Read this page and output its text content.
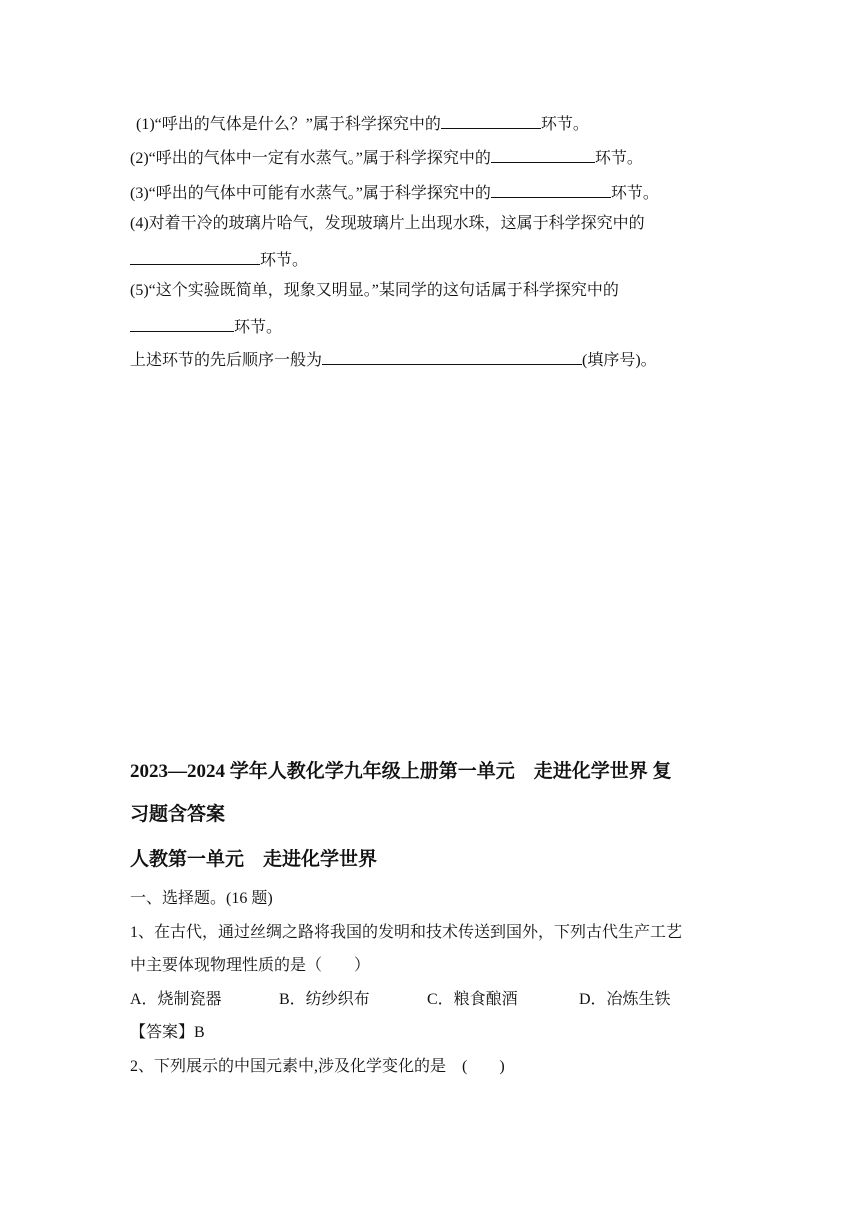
(1)“呼出的气体是什么？”属于科学探究中的	环节。
(2)“呼出的气体中一定有水蒸气。”属于科学探究中的	环节。
(3)“呼出的气体中可能有水蒸气。”属于科学探究中的	环节。
(4)对着干冷的玻璃片哈气，发现玻璃片上出现水珠，这属于科学探究中的
环节。
(5)“这个实验既简单，现象又明显。”某同学的这句话属于科学探究中的
环节。
上述环节的先后顺序一般为	(填序号)。
2023—2024 学年人教化学九年级上册第一单元　走进化学世界 复
习题含答案
人教第一单元　走进化学世界
一、选择题。(16 题)
1、在古代，通过丝绸之路将我国的发明和技术传送到国外，下列古代生产工艺
中主要体现物理性质的是（　　）
A．烧制瓷器	B．纺纱织布	C．粮食酿酒	D．冶炼生铁
【答案】B
2、下列展示的中国元素中,涉及化学变化的是　(　　)
